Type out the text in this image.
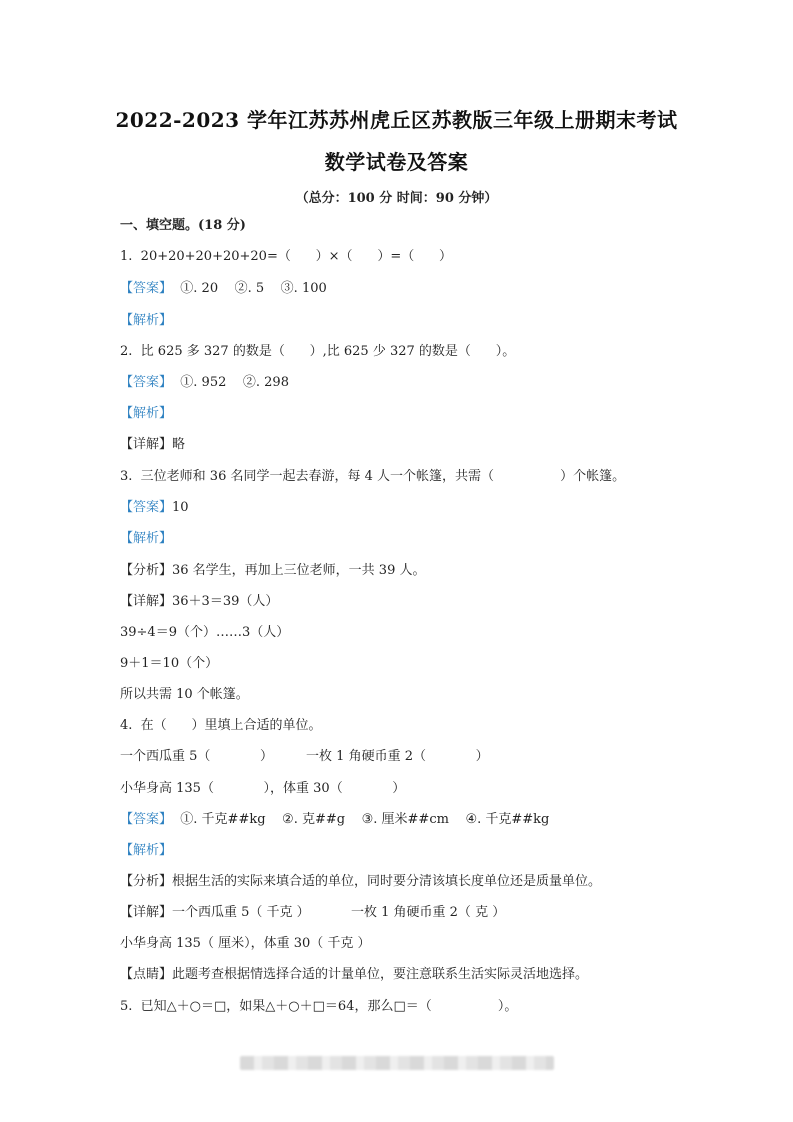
2022-2023 学年江苏苏州虎丘区苏教版三年级上册期末考试
数学试卷及答案
（总分：100 分 时间：90 分钟）
一、填空题。(18 分)
1.  20+20+20+20+20=（      ）×（      ）=（      ）
【答案】  ①. 20    ②. 5    ③. 100
【解析】
2.  比 625 多 327 的数是（      ）,比 625 少 327 的数是（      ）。
【答案】  ①. 952    ②. 298
【解析】
【详解】略
3.  三位老师和 36 名同学一起去春游，每 4 人一个帐篷，共需（                ）个帐篷。
【答案】10
【解析】
【分析】36 名学生，再加上三位老师，一共 39 人。
【详解】36＋3＝39（人）
39÷4＝9（个）……3（人）
9＋1＝10（个）
所以共需 10 个帐篷。
4.  在（      ）里填上合适的单位。
一个西瓜重 5（            ）        一枚 1 角硬币重 2（            ）
小华身高 135（            ），体重 30（            ）
【答案】  ①. 千克##kg    ②. 克##g    ③. 厘米##cm    ④. 千克##kg
【解析】
【分析】根据生活的实际来填合适的单位，同时要分清该填长度单位还是质量单位。
【详解】一个西瓜重 5（ 千克 ）          一枚 1 角硬币重 2（ 克 ）
小华身高 135（ 厘米），体重 30（ 千克 ）
【点睛】此题考查根据情选择合适的计量单位，要注意联系生活实际灵活地选择。
5.  已知△＋○＝□，如果△＋○＋□＝64，那么□＝（                ）。
